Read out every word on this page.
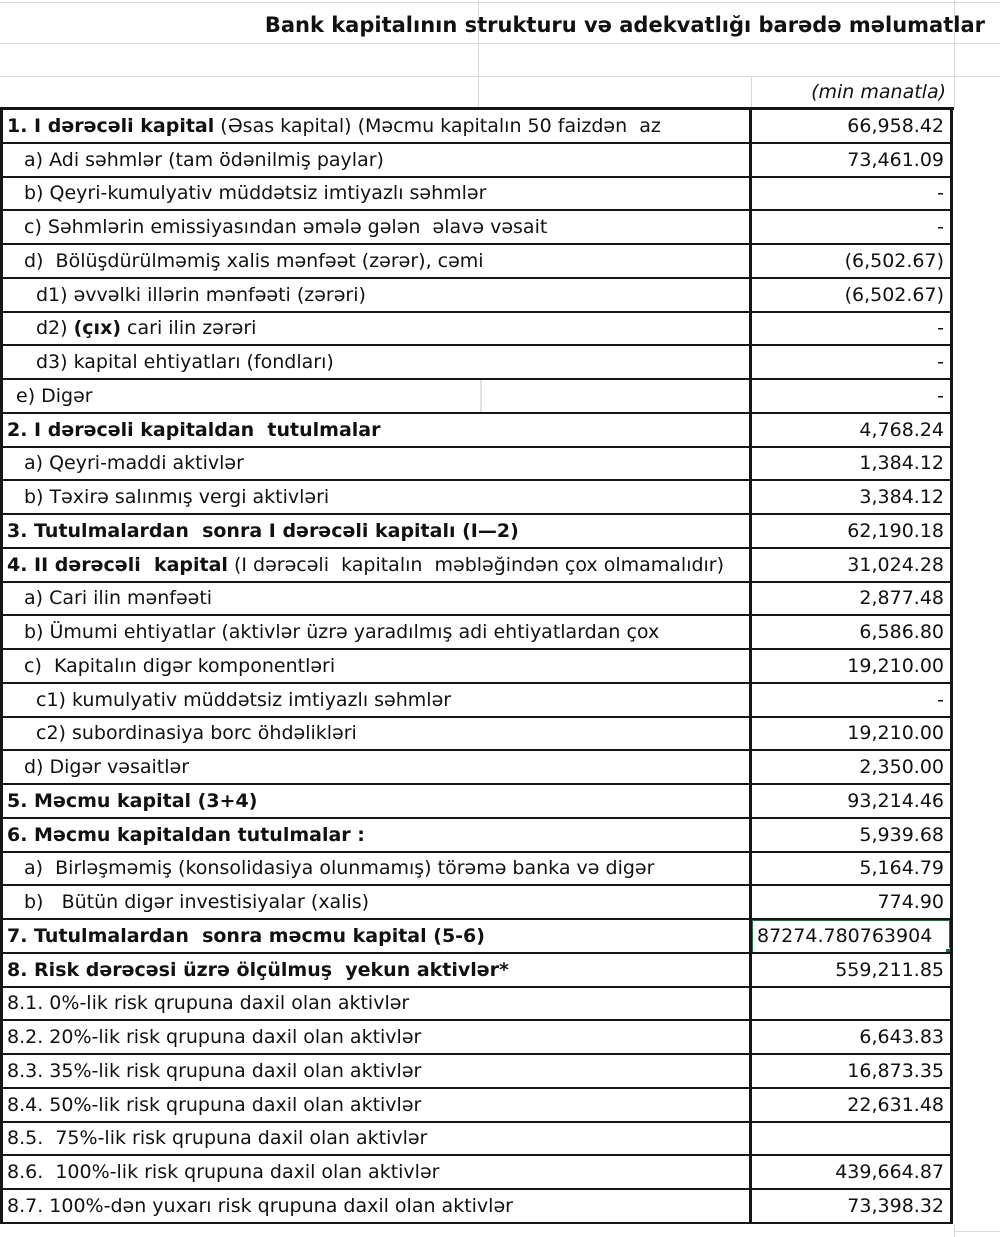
Bank kapitalının strukturu və adekvatlığı barədə məlumatlar
(min manatla)
1. I dərəcəli kapital (Əsas kapital) (Məcmu kapitalın 50 faizdən  az	66,958.42
a) Adi səhmlər (tam ödənilmiş paylar)	73,461.09
b) Qeyri-kumulyativ müddətsiz imtiyazlı səhmlər	-
c) Səhmlərin emissiyasından əmələ gələn  əlavə vəsait	-
d)  Bölüşdürülməmiş xalis mənfəət (zərər), cəmi	(6,502.67)
d1) əvvəlki illərin mənfəəti (zərəri)	(6,502.67)
d2) (çıx) cari ilin zərəri	-
d3) kapital ehtiyatları (fondları)	-
e) Digər	-
2. I dərəcəli kapitaldan  tutulmalar	4,768.24
a) Qeyri-maddi aktivlər	1,384.12
b) Təxirə salınmış vergi aktivləri	3,384.12
3. Tutulmalardan  sonra I dərəcəli kapitalı (I—2)	62,190.18
4. II dərəcəli  kapital (I dərəcəli  kapitalın  məbləğindən çox olmamalıdır)	31,024.28
a) Cari ilin mənfəəti	2,877.48
b) Ümumi ehtiyatlar (aktivlər üzrə yaradılmış adi ehtiyatlardan çox	6,586.80
c)  Kapitalın digər komponentləri	19,210.00
c1) kumulyativ müddətsiz imtiyazlı səhmlər	-
c2) subordinasiya borc öhdəlikləri	19,210.00
d) Digər vəsaitlər	2,350.00
5. Məcmu kapital (3+4)	93,214.46
6. Məcmu kapitaldan tutulmalar :	5,939.68
a)  Birləşməmiş (konsolidasiya olunmamış) törəmə banka və digər	5,164.79
b)   Bütün digər investisiyalar (xalis)	774.90
7. Tutulmalardan  sonra məcmu kapital (5-6)	87274.780763904
8. Risk dərəcəsi üzrə ölçülmuş  yekun aktivlər*	559,211.85
8.1. 0%-lik risk qrupuna daxil olan aktivlər
8.2. 20%-lik risk qrupuna daxil olan aktivlər	6,643.83
8.3. 35%-lik risk qrupuna daxil olan aktivlər	16,873.35
8.4. 50%-lik risk qrupuna daxil olan aktivlər	22,631.48
8.5.  75%-lik risk qrupuna daxil olan aktivlər
8.6.  100%-lik risk qrupuna daxil olan aktivlər	439,664.87
8.7. 100%-dən yuxarı risk qrupuna daxil olan aktivlər	73,398.32
